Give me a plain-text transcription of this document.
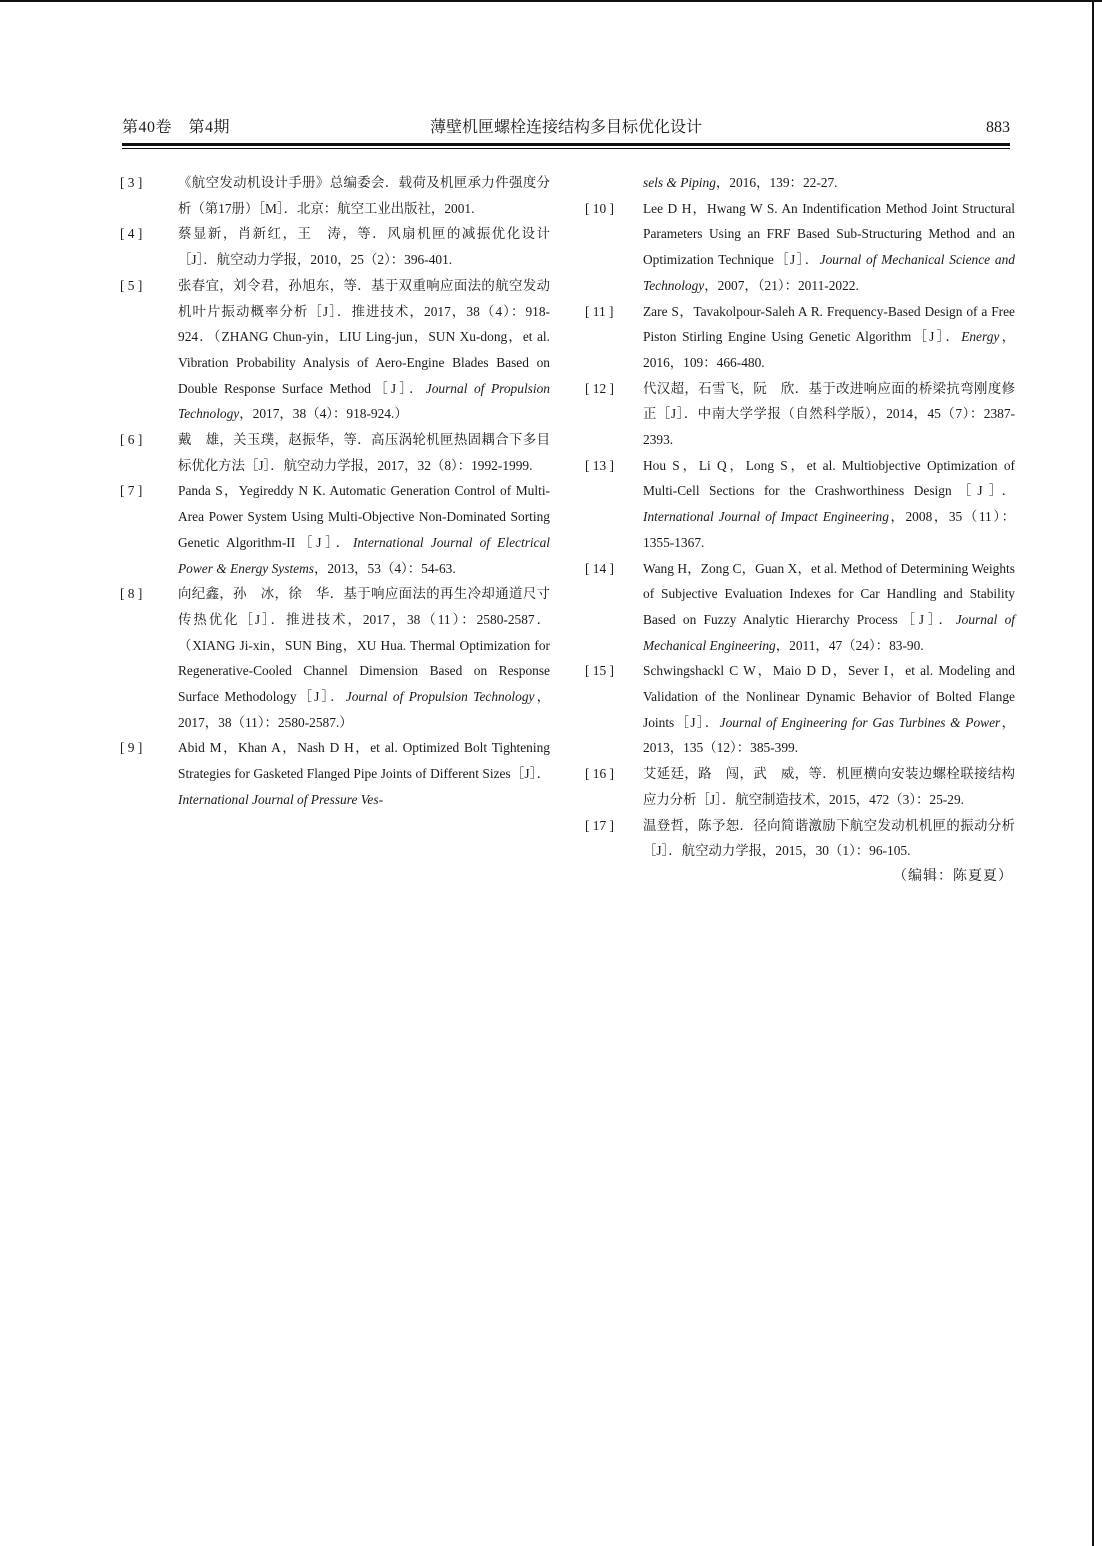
薄壁机匣螺栓连接结构多目标优化设计
第40卷　第4期	883
[ 3 ]	《航空发动机设计手册》总编委会．载荷及机匣承力件强度分析（第17册）［M］．北京：航空工业出版社，2001.
[ 4 ]	蔡显新，肖新红，王　涛，等．风扇机匣的减振优化设计［J］．航空动力学报，2010，25（2）：396-401.
[ 5 ]	张春宜，刘令君，孙旭东，等．基于双重响应面法的航空发动机叶片振动概率分析［J］．推进技术，2017，38（4）：918-924．（ZHANG Chun-yin，LIU Ling-jun，SUN Xu-dong，et al. Vibration Probability Analysis of Aero-Engine Blades Based on Double Response Surface Method［J］．Journal of Propulsion Technology，2017，38（4）：918-924.）
[ 6 ]	戴　雄，关玉璞，赵振华，等．高压涡轮机匣热固耦合下多目标优化方法［J］．航空动力学报，2017，32（8）：1992-1999.
[ 7 ]	Panda S，Yegireddy N K. Automatic Generation Control of Multi-Area Power System Using Multi-Objective Non-Dominated Sorting Genetic Algorithm-II［J］．International Journal of Electrical Power & Energy Systems，2013，53（4）：54-63.
[ 8 ]	向纪鑫，孙　冰，徐　华．基于响应面法的再生冷却通道尺寸传热优化［J］．推进技术，2017，38（11）：2580-2587．（XIANG Ji-xin，SUN Bing，XU Hua. Thermal Optimization for Regenerative-Cooled Channel Dimension Based on Response Surface Methodology［J］．Journal of Propulsion Technology，2017，38（11）：2580-2587.）
[ 9 ]	Abid M，Khan A，Nash D H，et al. Optimized Bolt Tightening Strategies for Gasketed Flanged Pipe Joints of Different Sizes［J］．International Journal of Pressure Ves-
sels & Piping，2016，139：22-27.
[ 10 ]	Lee D H，Hwang W S. An Indentification Method Joint Structural Parameters Using an FRF Based Sub-Structuring Method and an Optimization Technique［J］．Journal of Mechanical Science and Technology，2007，（21）：2011-2022.
[ 11 ]	Zare S，Tavakolpour-Saleh A R. Frequency-Based Design of a Free Piston Stirling Engine Using Genetic Algorithm［J］．Energy，2016，109：466-480.
[ 12 ]	代汉超，石雪飞，阮　欣．基于改进响应面的桥梁抗弯刚度修正［J］．中南大学学报（自然科学版），2014，45（7）：2387-2393.
[ 13 ]	Hou S，Li Q，Long S，et al. Multiobjective Optimization of Multi-Cell Sections for the Crashworthiness Design［J］．International Journal of Impact Engineering，2008，35（11）：1355-1367.
[ 14 ]	Wang H，Zong C，Guan X，et al. Method of Determining Weights of Subjective Evaluation Indexes for Car Handling and Stability Based on Fuzzy Analytic Hierarchy Process［J］．Journal of Mechanical Engineering，2011，47（24）：83-90.
[ 15 ]	Schwingshackl C W，Maio D D，Sever I，et al. Modeling and Validation of the Nonlinear Dynamic Behavior of Bolted Flange Joints［J］．Journal of Engineering for Gas Turbines & Power，2013，135（12）：385-399.
[ 16 ]	艾延廷，路　闯，武　威，等．机匣横向安装边螺栓联接结构应力分析［J］．航空制造技术，2015，472（3）：25-29.
[ 17 ]	温登哲，陈予恕．径向简谐激励下航空发动机机匣的振动分析［J］．航空动力学报，2015，30（1）：96-105.
（编辑：陈夏夏）
